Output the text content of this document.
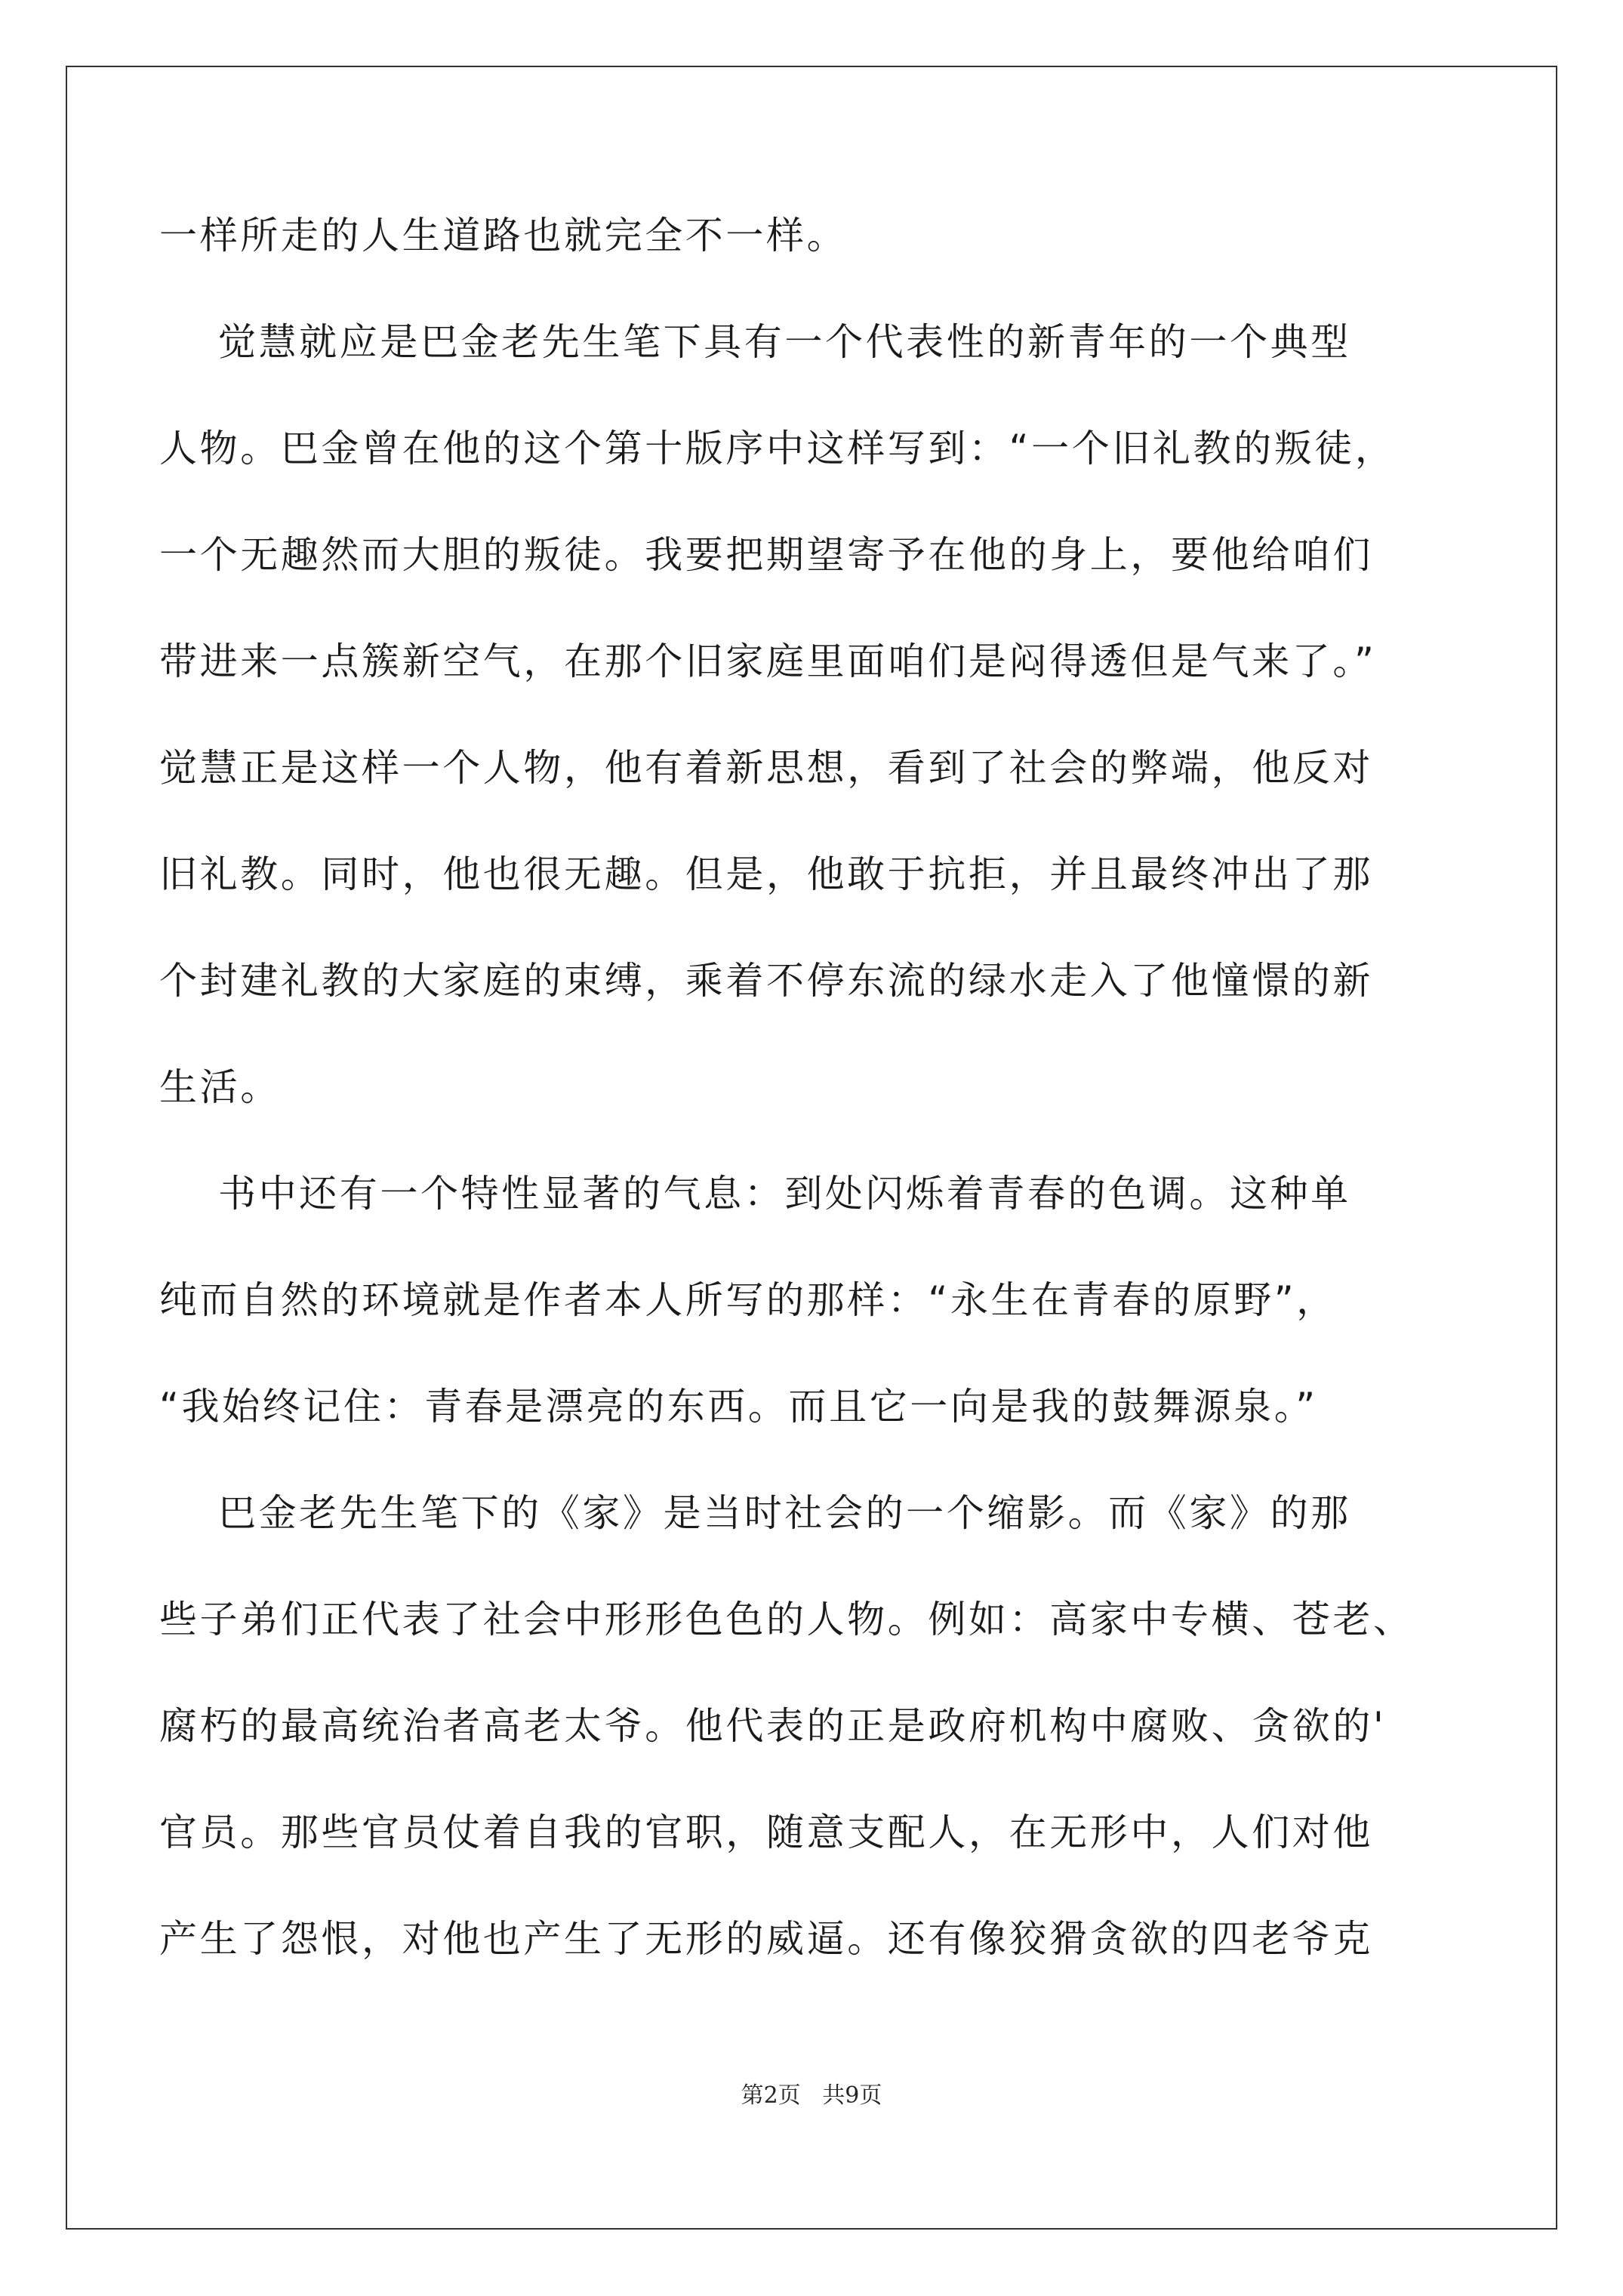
一样所走的人生道路也就完全不一样。
觉慧就应是巴金老先生笔下具有一个代表性的新青年的一个典型
人物。巴金曾在他的这个第十版序中这样写到：“一个旧礼教的叛徒，
一个无趣然而大胆的叛徒。我要把期望寄予在他的身上，要他给咱们
带进来一点簇新空气，在那个旧家庭里面咱们是闷得透但是气来了。”
觉慧正是这样一个人物，他有着新思想，看到了社会的弊端，他反对
旧礼教。同时，他也很无趣。但是，他敢于抗拒，并且最终冲出了那
个封建礼教的大家庭的束缚，乘着不停东流的绿水走入了他憧憬的新
生活。
书中还有一个特性显著的气息：到处闪烁着青春的色调。这种单
纯而自然的环境就是作者本人所写的那样：“永生在青春的原野”，
“我始终记住：青春是漂亮的东西。而且它一向是我的鼓舞源泉。”
巴金老先生笔下的《家》是当时社会的一个缩影。而《家》的那
些子弟们正代表了社会中形形色色的人物。例如：高家中专横、苍老、
腐朽的最高统治者高老太爷。他代表的正是政府机构中腐败、贪欲的'
官员。那些官员仗着自我的官职，随意支配人，在无形中，人们对他
产生了怨恨，对他也产生了无形的威逼。还有像狡猾贪欲的四老爷克
第2页   共9页
